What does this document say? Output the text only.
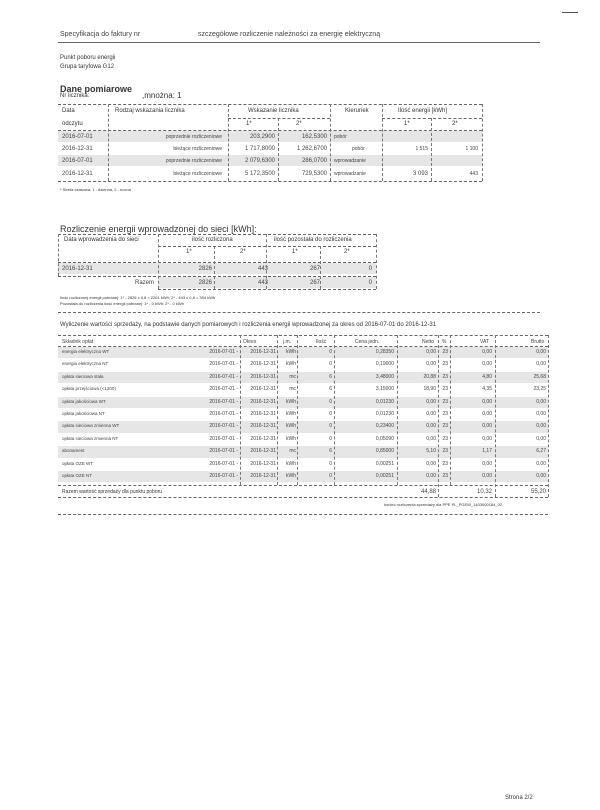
Specyfikacja do faktury nr	szczegółowe rozliczenie należności za energię elektryczną
Punkt poboru energii
Grupa taryfowa G12
Dane pomiarowe
Nr licznika:	,mnożna: 1
Data	Rodzaj wskazania licznika	Wskazanie licznika	Kierunek	Ilość energii [kWh]
odczytu	1*	2*	1*	2*
2016-07-01	poprzednie rozliczeniowe	203,2900	162,5300 pobór
2016-12-31	bieżące rozliczeniowe	1 717,8000	1 262,6700	pobór	1 515	1 100
2016-07-01	poprzednie rozliczeniowe	2 079,6300	286,0700 wprowadzanie
2016-12-31	bieżące rozliczeniowe	5 172,3500	729,5300 wprowadzanie	3 093	443
* Strefa czasowa: 1 - dzienna, 2 - nocna
Rozliczenie energii wprowadzonej do sieci [kWh]:
Data wprowadzenia do sieci	ilość rozliczona	ilość pozostała do rozliczenia
1*	2*	1*	2*
2016-12-31	2826	443	267	0
Razem	2826	443	267	0
Ilość rozliczonej energii pobranej: 1* - 2826 x 0,8 = 2261 kWh; 2* - 443 x 0,8 = 354 kWh
Pozostała do rozliczenia ilość energii pobranej: 1* - 0 kWh; 2* - 0 kWh
Wyliczenie wartości sprzedaży, na podstawie danych pomiarowych i rozliczenia energii wprowadzonej za okres od 2016-07-01 do 2016-12-31
Składnik opłat	Okres	j.m.	Ilość	Cena jedn.	Netto %	VAT	Brutto
energia elektryczna WT	2016-07-01 -	2016-12-31	kWh	0	0,28350	0,00	23	0,00	0,00
energia elektryczna NT	2016-07-01 -	2016-12-31	kWh	0	0,19000	0,00	23	0,00	0,00
opłata sieciowa stała	2016-07-01 -	2016-12-31	mc	6	3,48000	20,88	23	4,80	25,68
opłata przejściowa (<1200)	2016-07-01 -	2016-12-31	mc	6	3,15000	18,90	23	4,35	23,25
opłata jakościowa WT	2016-07-01 -	2016-12-31	kWh	0	0,01230	0,00	23	0,00	0,00
opłata jakościowa NT	2016-07-01 -	2016-12-31	kWh	0	0,01230	0,00	23	0,00	0,00
opłata sieciowa zmienna WT	2016-07-01 -	2016-12-31	kWh	0	0,23400	0,00	23	0,00	0,00
opłata sieciowa zmienna NT	2016-07-01 -	2016-12-31	kWh	0	0,05090	0,00	23	0,00	0,00
abonament	2016-07-01 -	2016-12-31	mc	6	0,85000	5,10	23	1,17	6,27
opłata OZE WT	2016-07-01 -	2016-12-31	kWh	0	0,00251	0,00	23	0,00	0,00
opłata OZE NT	2016-07-01 -	2016-12-31	kWh	0	0,00251	0,00	23	0,00	0,00
Razem wartość sprzedaży dla punktu poboru	44,88	10,32	55,20
koniec rozliczenia sprzedaży dla PPE PL_PGEW_1403000184_02
Strona 2/2
